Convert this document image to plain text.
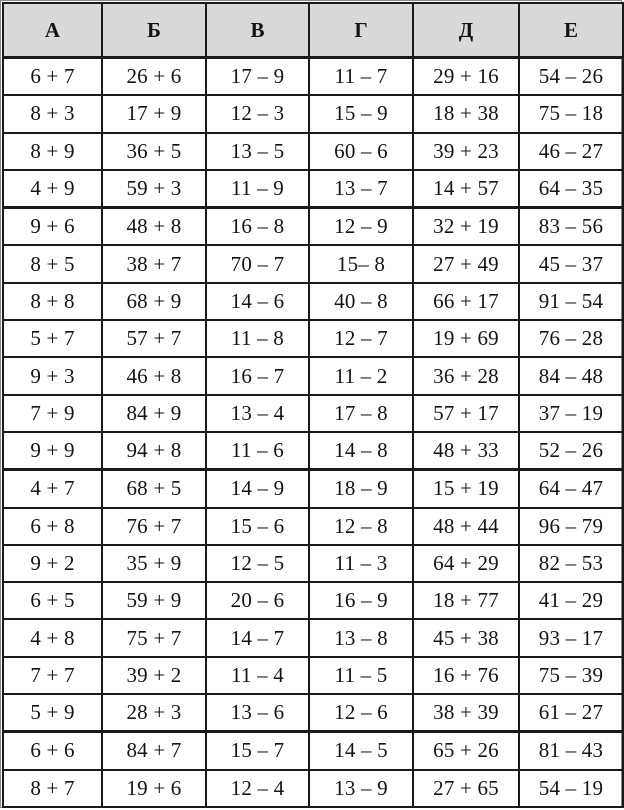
А	Б	В	Г	Д	Е
6 + 7	26 + 6	17 – 9	11 – 7	29 + 16	54 – 26
8 + 3	17 + 9	12 – 3	15 – 9	18 + 38	75 – 18
8 + 9	36 + 5	13 – 5	60 – 6	39 + 23	46 – 27
4 + 9	59 + 3	11 – 9	13 – 7	14 + 57	64 – 35
9 + 6	48 + 8	16 – 8	12 – 9	32 + 19	83 – 56
8 + 5	38 + 7	70 – 7	15– 8	27 + 49	45 – 37
8 + 8	68 + 9	14 – 6	40 – 8	66 + 17	91 – 54
5 + 7	57 + 7	11 – 8	12 – 7	19 + 69	76 – 28
9 + 3	46 + 8	16 – 7	11 – 2	36 + 28	84 – 48
7 + 9	84 + 9	13 – 4	17 – 8	57 + 17	37 – 19
9 + 9	94 + 8	11 – 6	14 – 8	48 + 33	52 – 26
4 + 7	68 + 5	14 – 9	18 – 9	15 + 19	64 – 47
6 + 8	76 + 7	15 – 6	12 – 8	48 + 44	96 – 79
9 + 2	35 + 9	12 – 5	11 – 3	64 + 29	82 – 53
6 + 5	59 + 9	20 – 6	16 – 9	18 + 77	41 – 29
4 + 8	75 + 7	14 – 7	13 – 8	45 + 38	93 – 17
7 + 7	39 + 2	11 – 4	11 – 5	16 + 76	75 – 39
5 + 9	28 + 3	13 – 6	12 – 6	38 + 39	61 – 27
6 + 6	84 + 7	15 – 7	14 – 5	65 + 26	81 – 43
8 + 7	19 + 6	12 – 4	13 – 9	27 + 65	54 – 19
